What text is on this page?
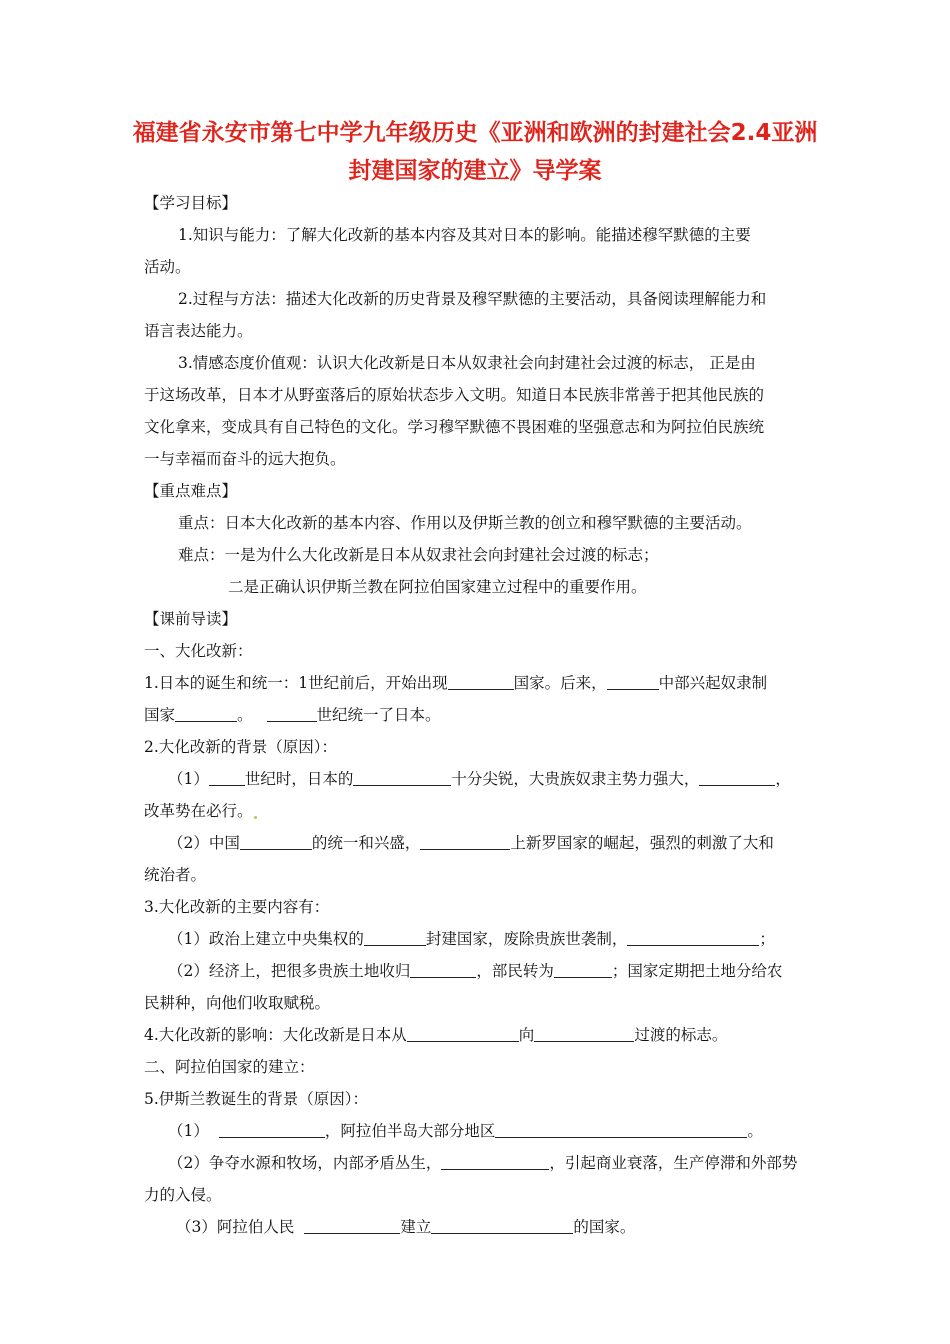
福建省永安市第七中学九年级历史《亚洲和欧洲的封建社会2.4亚洲
封建国家的建立》导学案
【学习目标】
1.知识与能力：了解大化改新的基本内容及其对日本的影响。能描述穆罕默德的主要
活动。
2.过程与方法：描述大化改新的历史背景及穆罕默德的主要活动，具备阅读理解能力和
语言表达能力。
3.情感态度价值观：认识大化改新是日本从奴隶社会向封建社会过渡的标志， 正是由
于这场改革，日本才从野蛮落后的原始状态步入文明。知道日本民族非常善于把其他民族的
文化拿来，变成具有自己特色的文化。学习穆罕默德不畏困难的坚强意志和为阿拉伯民族统
一与幸福而奋斗的远大抱负。
【重点难点】
重点：日本大化改新的基本内容、作用以及伊斯兰教的创立和穆罕默德的主要活动。
难点：一是为什么大化改新是日本从奴隶社会向封建社会过渡的标志；
二是正确认识伊斯兰教在阿拉伯国家建立过程中的重要作用。
【课前导读】
一、大化改新：
1.日本的诞生和统一：1世纪前后，开始出现	国家。后来，	中部兴起奴隶制
国家	。	世纪统一了日本。
2.大化改新的背景（原因）：
（1） 世纪时，日本的	十分尖锐，大贵族奴隶主势力强大，	，
改革势在必行。
（2）中国	的统一和兴盛，	上新罗国家的崛起，强烈的刺激了大和
统治者。
3.大化改新的主要内容有：
（1）政治上建立中央集权的	封建国家，废除贵族世袭制，	；
（2）经济上，把很多贵族土地收归	，部民转为	；国家定期把土地分给农
民耕种，向他们收取赋税。
4.大化改新的影响：大化改新是日本从	向	过渡的标志。
二、阿拉伯国家的建立：
5.伊斯兰教诞生的背景（原因）：
（1）	，阿拉伯半岛大部分地区	。
（2）争夺水源和牧场，内部矛盾丛生，	，引起商业衰落，生产停滞和外部势
力的入侵。
（3）阿拉伯人民	建立	的国家。
